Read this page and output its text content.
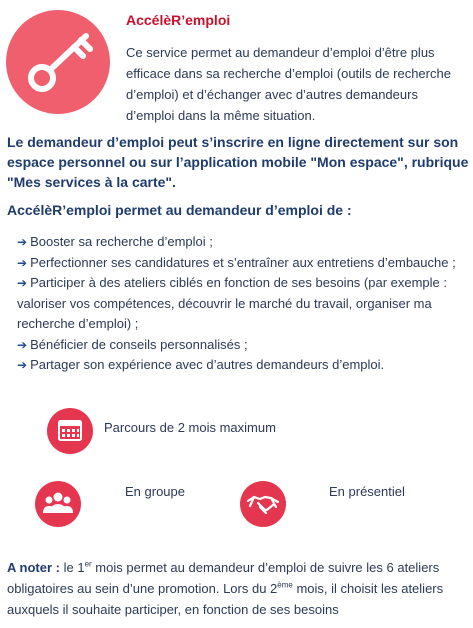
AccélèR’emploi

Ce service permet au demandeur d’emploi d’être plus efficace dans sa recherche d’emploi (outils de recherche d’emploi) et d’échanger avec d’autres demandeurs d’emploi dans la même situation.

Le demandeur d’emploi peut s’inscrire en ligne directement sur son espace personnel ou sur l’application mobile "Mon espace", rubrique "Mes services à la carte".

AccélèR’emploi permet au demandeur d’emploi de :
➔ Booster sa recherche d’emploi ;
➔ Perfectionner ses candidatures et s’entraîner aux entretiens d’embauche ;
➔ Participer à des ateliers ciblés en fonction de ses besoins (par exemple : valoriser vos compétences, découvrir le marché du travail, organiser ma recherche d’emploi) ;
➔ Bénéficier de conseils personnalisés ;
➔ Partager son expérience avec d’autres demandeurs d’emploi.

Parcours de 2 mois maximum

En groupe	En présentiel

A noter : le 1er mois permet au demandeur d’emploi de suivre les 6 ateliers obligatoires au sein d’une promotion. Lors du 2ème mois, il choisit les ateliers auxquels il souhaite participer, en fonction de ses besoins
